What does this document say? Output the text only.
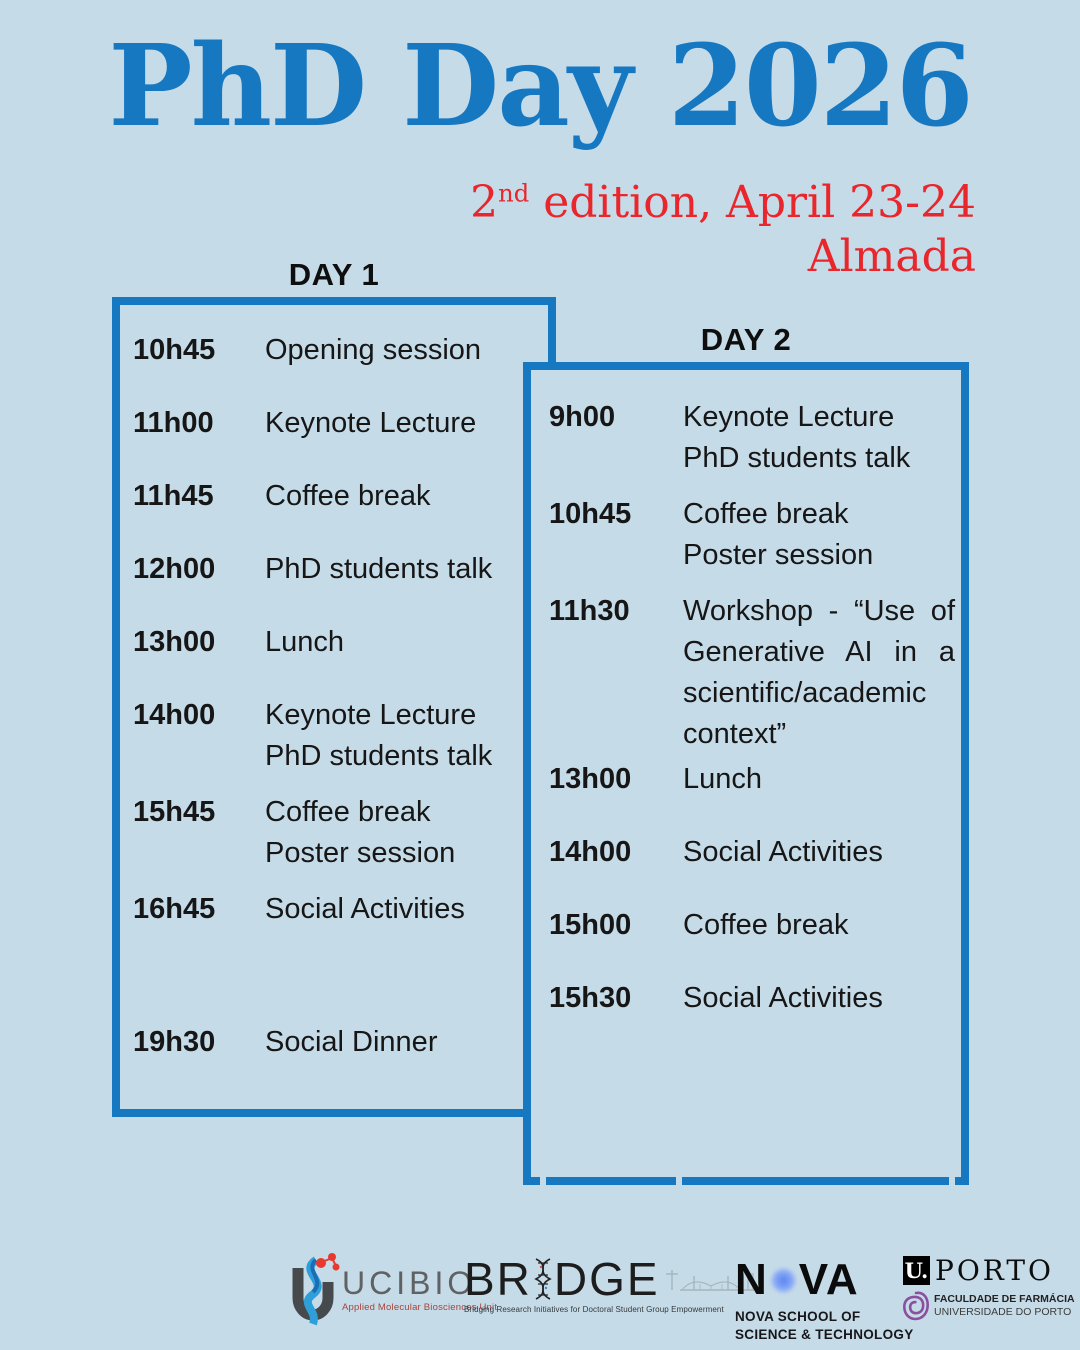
PhD Day 2026
2nd edition, April 23-24
Almada
DAY 1
DAY 2
10h45	Opening session
11h00	Keynote Lecture
11h45	Coffee break
12h00	PhD students talk
13h00	Lunch
14h00	Keynote Lecture
PhD students talk
15h45	Coffee break
Poster session
16h45	Social Activities
19h30	Social Dinner
9h00	Keynote Lecture
PhD students talk
10h45	Coffee break
Poster session
11h30	Workshop - “Use of Generative AI in a scientific/academic context”
13h00	Lunch
14h00	Social Activities
15h00	Coffee break
15h30	Social Activities
UCIBIO
Applied Molecular Biosciences Unit
BR DGE
Bridging Research Initiatives for Doctoral Student Group Empowerment
N VA
NOVA SCHOOL OF
SCIENCE & TECHNOLOGY
U. PORTO
FACULDADE DE FARMÁCIA
UNIVERSIDADE DO PORTO
